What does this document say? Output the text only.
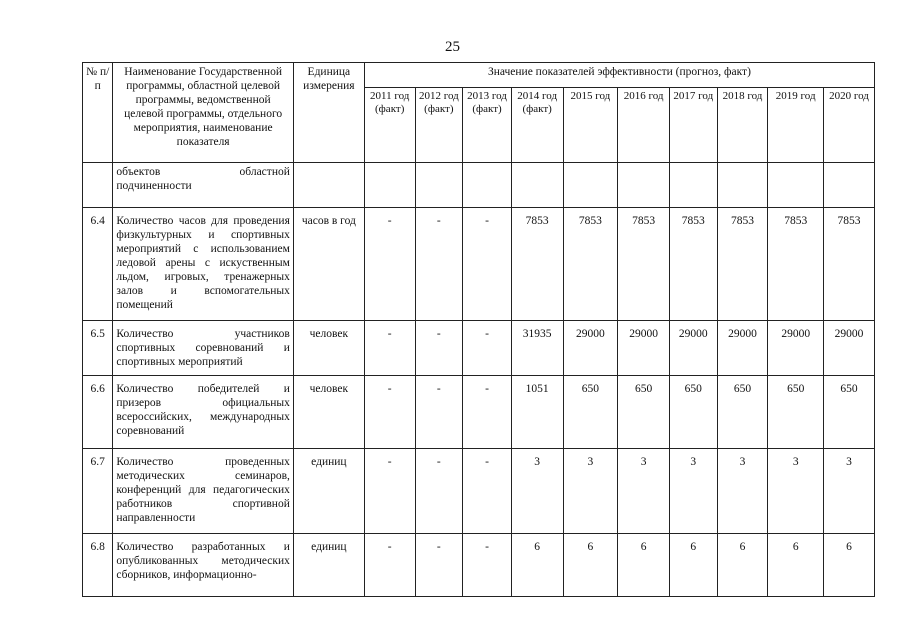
25
№ п/п	Наименование Государственной программы, областной целевой программы, ведомственной целевой программы, отдельного мероприятия, наименование показателя	Единица измерения	Значение показателей эффективности (прогноз, факт)									
			2011 год (факт)	2012 год (факт)	2013 год (факт)	2014 год (факт)	2015 год	2016 год	2017 год	2018 год	2019 год	2020 год
	объектов областной подчиненности											
6.4	Количество часов для проведения физкультурных и спортивных мероприятий с использованием ледовой арены с искуственным льдом, игровых, тренажерных залов и вспомогательных помещений	часов в год	-	-	-	7853	7853	7853	7853	7853	7853	7853
6.5	Количество участников спортивных соревнований и спортивных мероприятий	человек	-	-	-	31935	29000	29000	29000	29000	29000	29000
6.6	Количество победителей и призеров официальных всероссийских, международных соревнований	человек	-	-	-	1051	650	650	650	650	650	650
6.7	Количество проведенных методических семинаров, конференций для педагогических работников спортивной направленности	единиц	-	-	-	3	3	3	3	3	3	3
6.8	Количество разработанных и опубликованных методических сборников, информационно-	единиц	-	-	-	6	6	6	6	6	6	6
